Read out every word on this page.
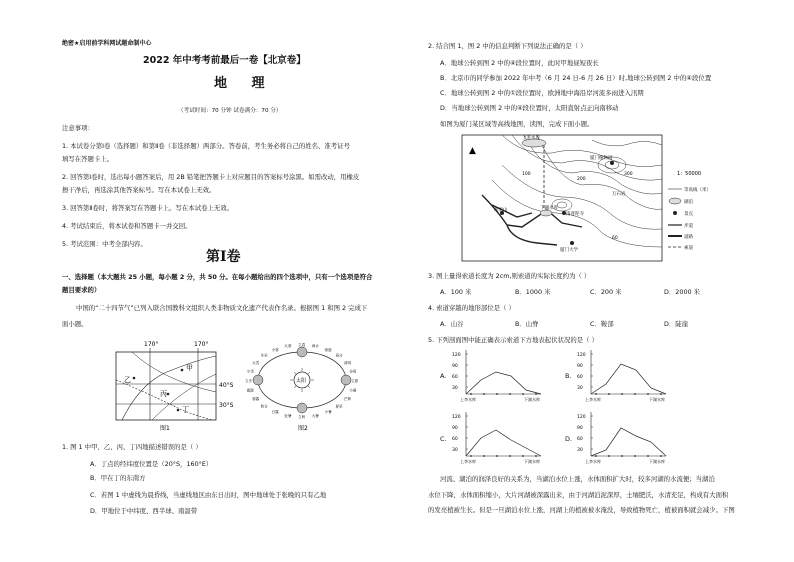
绝密★启用前学科网试题命制中心
2022 年中考考前最后一卷【北京卷】
地 理
（考试时间：70 分钟 试卷满分：70 分）
注意事项：
1. 本试卷分第Ⅰ卷（选择题）和第Ⅱ卷（非选择题）两部分。答卷前，考生务必将自己的姓名、准考证号
填写在答题卡上。
2. 回答第Ⅰ卷时，选出每小题答案后，用 2B 铅笔把答题卡上对应题目的答案标号涂黑。如需改动，用橡皮
擦干净后，再选涂其他答案标号。写在本试卷上无效。
3. 回答第Ⅱ卷时，将答案写在答题卡上。写在本试卷上无效。
4. 考试结束后，将本试卷和答题卡一并交回。
5. 考试范围：中考全部内容。
第Ⅰ卷
一、选择题（本大题共 25 小题，每小题 2 分，共 50 分。在每小题给出的四个选项中，只有一个选项是符合
题目要求的）
中国的“二十四节气”已列入联合国教科文组织人类非物质文化遗产代表作名录。根据图 1 和图 2 完成下
面小题。
170°	170°
40°S
30°S
甲
乙
丙
丁
图1
太阳
立春 雨水
惊蛰
春分
清明
谷雨
立夏
小满
芒种
夏至
小暑
大暑
立秋
处暑
白露
秋分
寒露
霜降
立冬
小雪
大雪
冬至
小寒
大寒
图2
1. 图 1 中甲、乙、丙、丁四地描述错误的是（ ）
A．丁点的经纬度位置是（20°S，160°E）
B．甲在丁的东南方
C．若图 1 中虚线为晨昏线，当虚线地区由东日出时，图中地球处于张晚的只有乙地
D．甲地位于中纬度、西半球、南温带
2. 结合图 1、图 2 中的信息判断下列说法正确的是（ ）
A．地球公转到图 2 中的④段位置时，此时甲地昼短夜长
B．北京市的同学参加 2022 年中考（6 月 24 日-6 月 26 日）时,地球公转到图 2 中的④段位置
C．地球公转到图 2 中的①段位置时，欧洲地中海沿岸河流多雨进入汛期
D．当地球公转到图 2 中的④段位置时，太阳直射点正向南移动
如图为厦门某区域等高线地图，读图，完成下面小题。
▲
上李水库
厦门植物园
下湖水库
南普陀寺
胡里山
厦门大学
万石岩
100
200
300
60
1：50000
等高线（米）
湖泊
景点
步道
道路
索道
3. 图上量得索道长度为 2cm,则索道的实际长度约为（ ）
A．100 米	B．1000 米	C．200 米	D．2000 米
4. 索道穿越的地形部位是（ ）
A．山谷	B．山脊	C．鞍部	D．陡崖
5. 下列剖面图中能正确表示索道下方地表起伏状况的是（ ）
A.	B.
C.	D.
120
90
60
30
上李水库	下湖水库
120
90
60
30
上李水库	下湖水库
120
90
60
30
上李水库	下湖水库
120
90
60
30
上李水库	下湖水库
河流、湖泊的润泽良好的关系为，当湖泊水位上涨，水体面积扩大时，较多河湖的水流便；当湖泊
水位下降，水体面积缩小，大片河湖被深露出来，由于河湖泊泥深厚，土壤肥沃，水清充足，构成有大面积
的发亮植被生长。但是一旦湖泊水位上涨，河湖上的植被被水淹没，导致植物死亡，植被面积就会减少。下图
